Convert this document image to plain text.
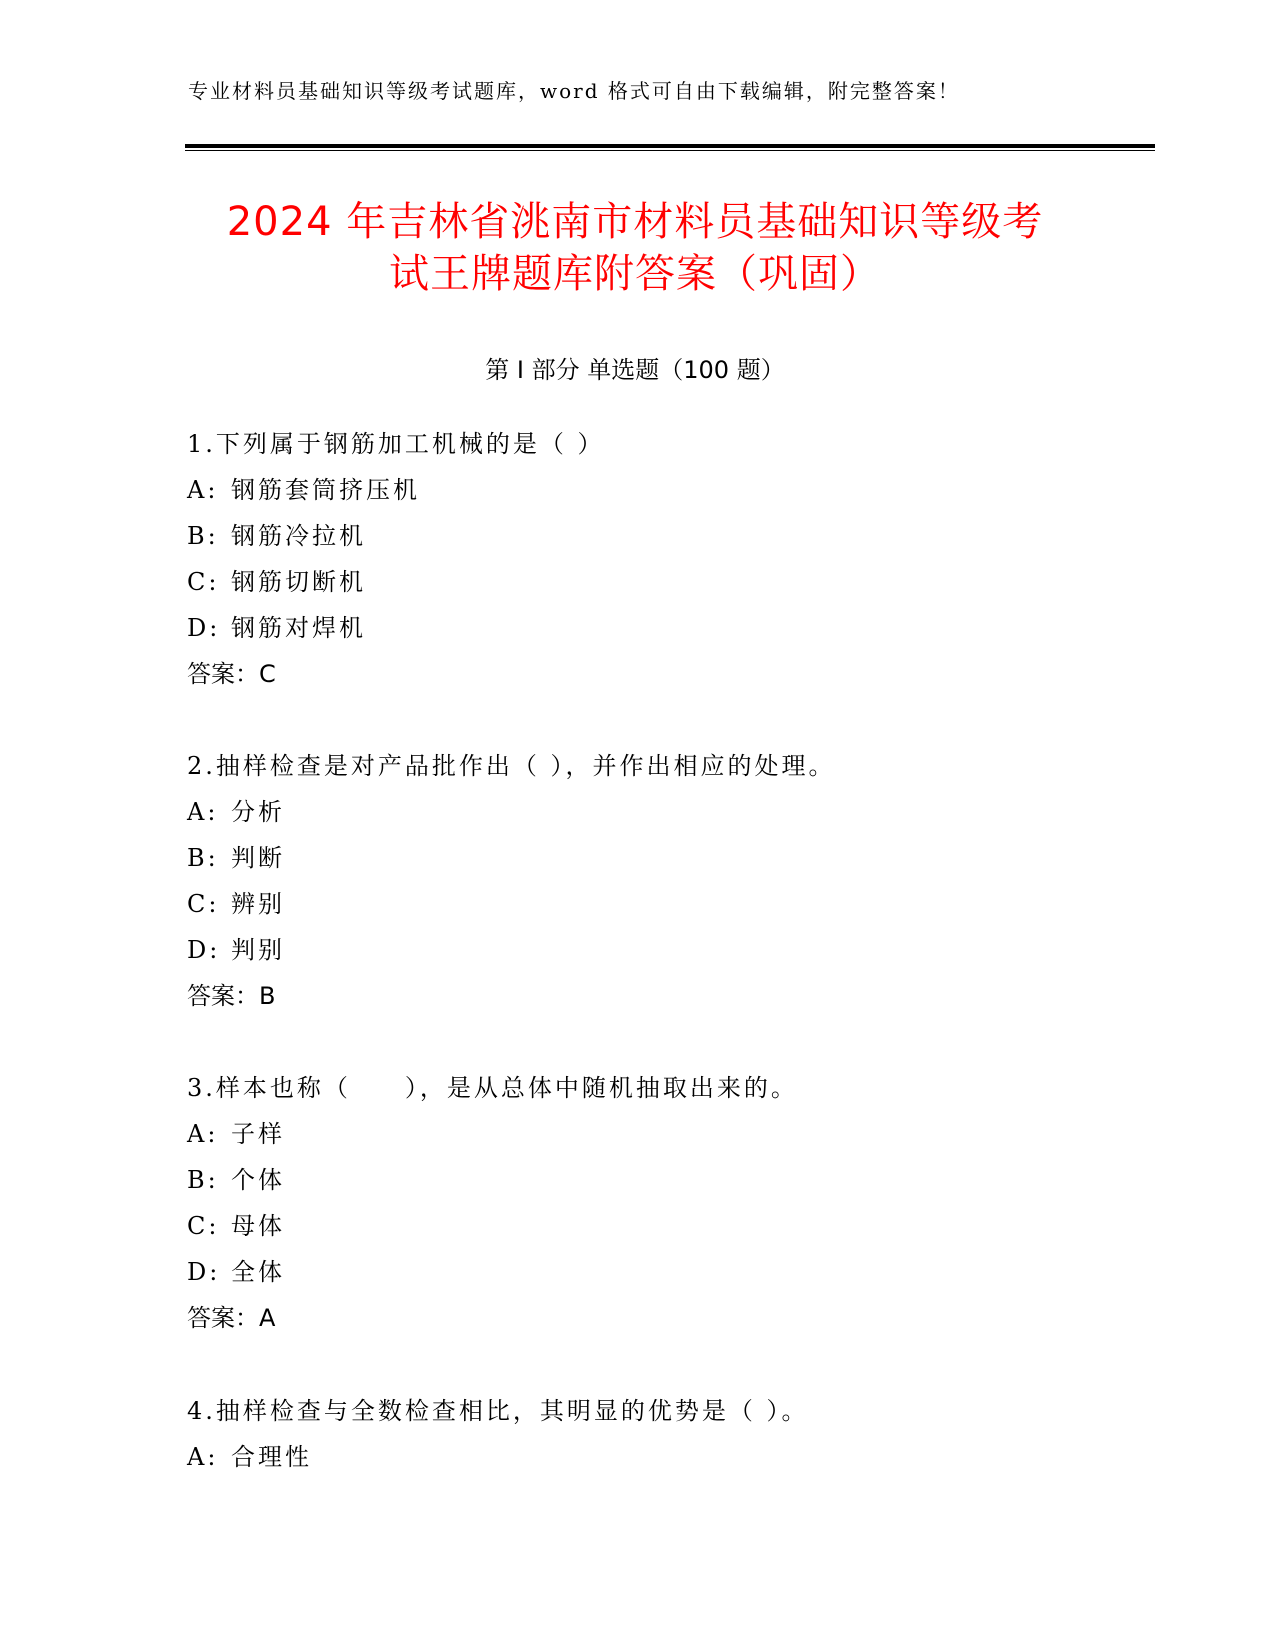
专业材料员基础知识等级考试题库，word 格式可自由下载编辑，附完整答案！
2024 年吉林省洮南市材料员基础知识等级考
试王牌题库附答案（巩固）
第 I 部分 单选题（100 题）
1.下列属于钢筋加工机械的是（ ）
A: 钢筋套筒挤压机
B: 钢筋冷拉机
C: 钢筋切断机
D: 钢筋对焊机
答案：C
2.抽样检查是对产品批作出（ ），并作出相应的处理。
A: 分析
B: 判断
C: 辨别
D: 判别
答案：B
3.样本也称（　　），是从总体中随机抽取出来的。
A: 子样
B: 个体
C: 母体
D: 全体
答案：A
4.抽样检查与全数检查相比，其明显的优势是（ ）。
A: 合理性
